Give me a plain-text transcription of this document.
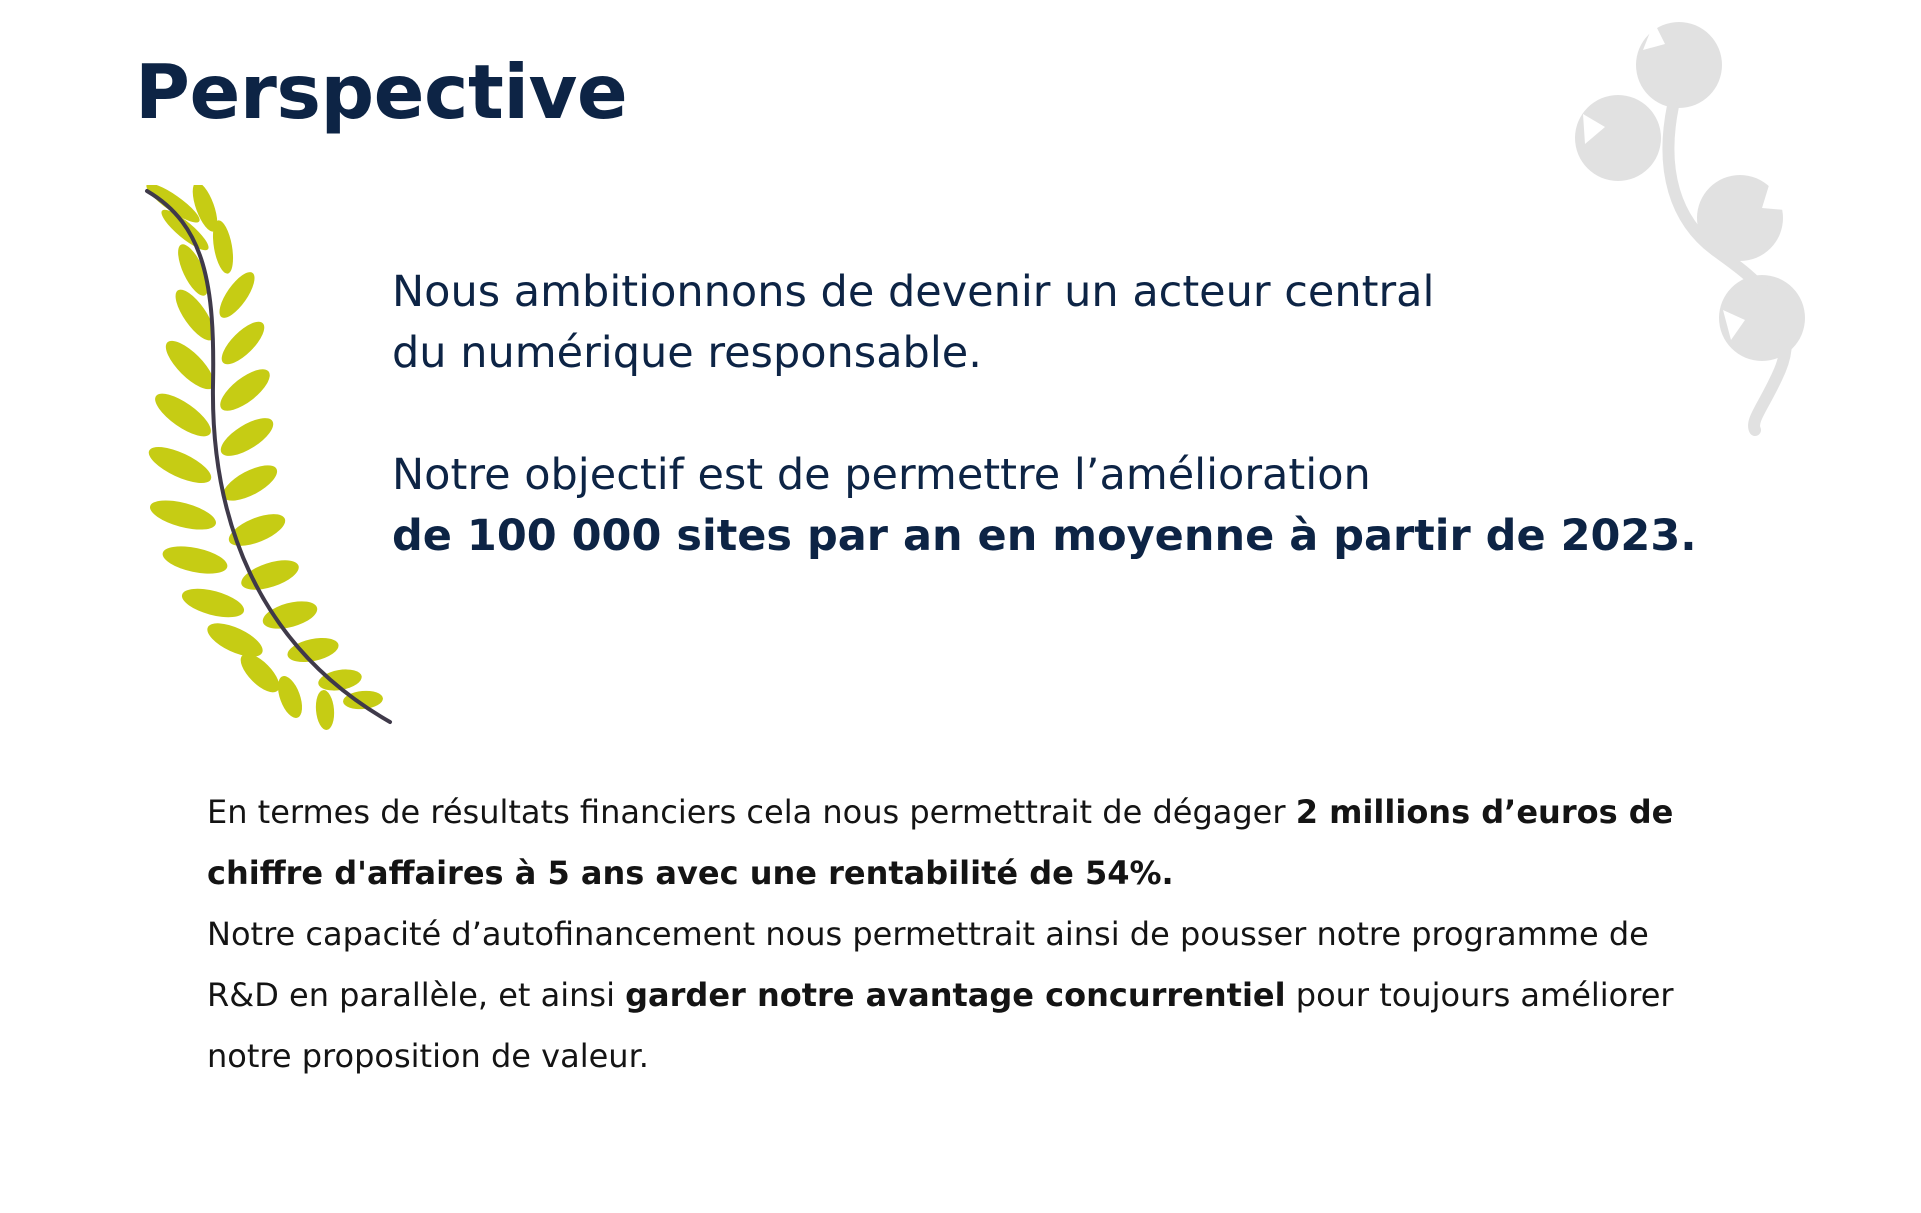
Perspective
Nous ambitionnons de devenir un acteur central
du numérique responsable.
Notre objectif est de permettre l’amélioration
de 100 000 sites par an en moyenne à partir de 2023.
En termes de résultats financiers cela nous permettrait de dégager 2 millions d’euros de
chiffre d'affaires à 5 ans avec une rentabilité de 54%.
Notre capacité d’autofinancement nous permettrait ainsi de pousser notre programme de
R&D en parallèle, et ainsi garder notre avantage concurrentiel pour toujours améliorer
notre proposition de valeur.
